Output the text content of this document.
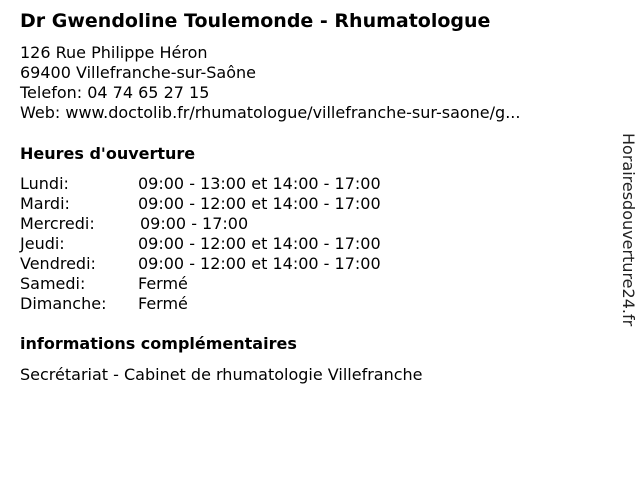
Dr Gwendoline Toulemonde - Rhumatologue
126 Rue Philippe Héron
69400 Villefranche-sur-Saône
Telefon: 04 74 65 27 15
Web: www.doctolib.fr/rhumatologue/villefranche-sur-saone/g...
Heures d'ouverture
Lundi:	09:00 - 13:00 et 14:00 - 17:00
Mardi:	09:00 - 12:00 et 14:00 - 17:00
Mercredi:	09:00 - 17:00
Jeudi:	09:00 - 12:00 et 14:00 - 17:00
Vendredi:	09:00 - 12:00 et 14:00 - 17:00
Samedi:	Fermé
Dimanche: Fermé
informations complémentaires
Secrétariat - Cabinet de rhumatologie Villefranche
Horairesdouverture24.fr
